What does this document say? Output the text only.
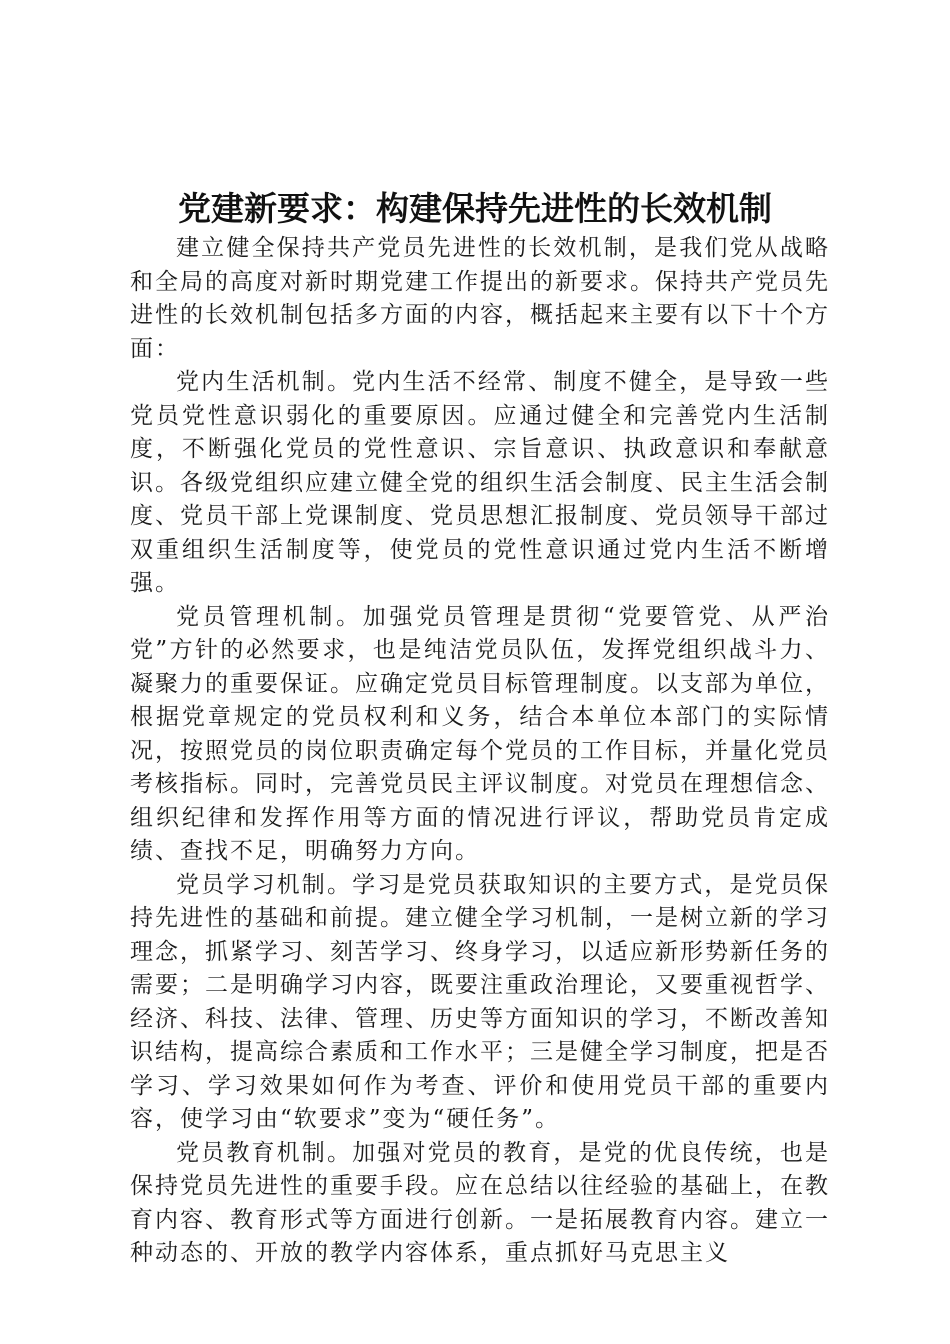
党建新要求：构建保持先进性的长效机制

建立健全保持共产党员先进性的长效机制，是我们党从战略和全局的高度对新时期党建工作提出的新要求。保持共产党员先进性的长效机制包括多方面的内容，概括起来主要有以下十个方面：

党内生活机制。党内生活不经常、制度不健全，是导致一些党员党性意识弱化的重要原因。应通过健全和完善党内生活制度，不断强化党员的党性意识、宗旨意识、执政意识和奉献意识。各级党组织应建立健全党的组织生活会制度、民主生活会制度、党员干部上党课制度、党员思想汇报制度、党员领导干部过双重组织生活制度等，使党员的党性意识通过党内生活不断增强。

党员管理机制。加强党员管理是贯彻“党要管党、从严治党”方针的必然要求，也是纯洁党员队伍，发挥党组织战斗力、凝聚力的重要保证。应确定党员目标管理制度。以支部为单位，根据党章规定的党员权利和义务，结合本单位本部门的实际情况，按照党员的岗位职责确定每个党员的工作目标，并量化党员考核指标。同时，完善党员民主评议制度。对党员在理想信念、组织纪律和发挥作用等方面的情况进行评议，帮助党员肯定成绩、查找不足，明确努力方向。

党员学习机制。学习是党员获取知识的主要方式，是党员保持先进性的基础和前提。建立健全学习机制，一是树立新的学习理念，抓紧学习、刻苦学习、终身学习，以适应新形势新任务的需要；二是明确学习内容，既要注重政治理论，又要重视哲学、经济、科技、法律、管理、历史等方面知识的学习，不断改善知识结构，提高综合素质和工作水平；三是健全学习制度，把是否学习、学习效果如何作为考查、评价和使用党员干部的重要内容，使学习由“软要求”变为“硬任务”。

党员教育机制。加强对党员的教育，是党的优良传统，也是保持党员先进性的重要手段。应在总结以往经验的基础上，在教育内容、教育形式等方面进行创新。一是拓展教育内容。建立一种动态的、开放的教学内容体系，重点抓好马克思主义
